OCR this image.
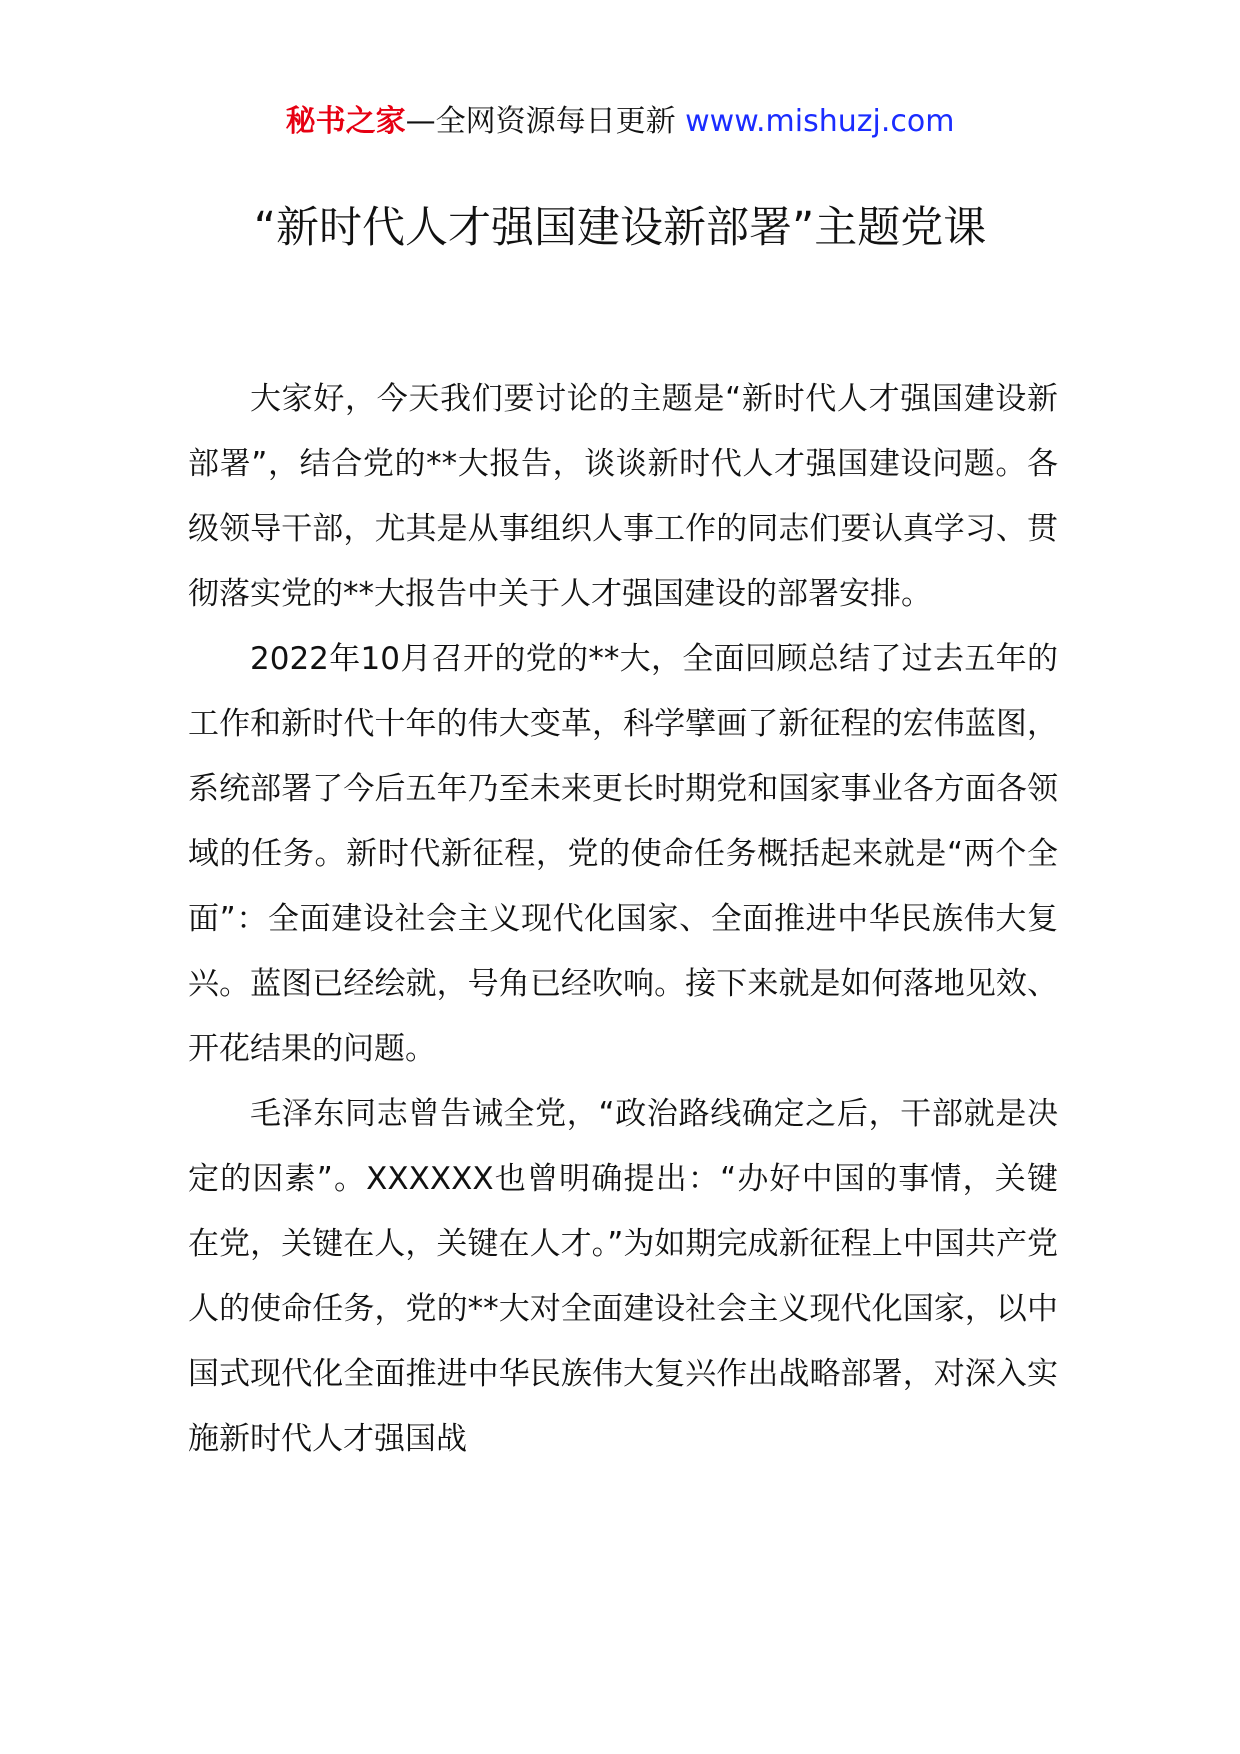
秘书之家—全网资源每日更新 www.mishuzj.com
“新时代人才强国建设新部署”主题党课

大家好，今天我们要讨论的主题是“新时代人才强国建设新部署”，结合党的**大报告，谈谈新时代人才强国建设问题。各级领导干部，尤其是从事组织人事工作的同志们要认真学习、贯彻落实党的**大报告中关于人才强国建设的部署安排。

2022年10月召开的党的**大，全面回顾总结了过去五年的工作和新时代十年的伟大变革，科学擘画了新征程的宏伟蓝图，系统部署了今后五年乃至未来更长时期党和国家事业各方面各领域的任务。新时代新征程，党的使命任务概括起来就是“两个全面”：全面建设社会主义现代化国家、全面推进中华民族伟大复兴。蓝图已经绘就，号角已经吹响。接下来就是如何落地见效、开花结果的问题。

毛泽东同志曾告诫全党，“政治路线确定之后，干部就是决定的因素”。XXXXXX也曾明确提出：“办好中国的事情，关键在党，关键在人，关键在人才。”为如期完成新征程上中国共产党人的使命任务，党的**大对全面建设社会主义现代化国家，以中国式现代化全面推进中华民族伟大复兴作出战略部署，对深入实施新时代人才强国战
